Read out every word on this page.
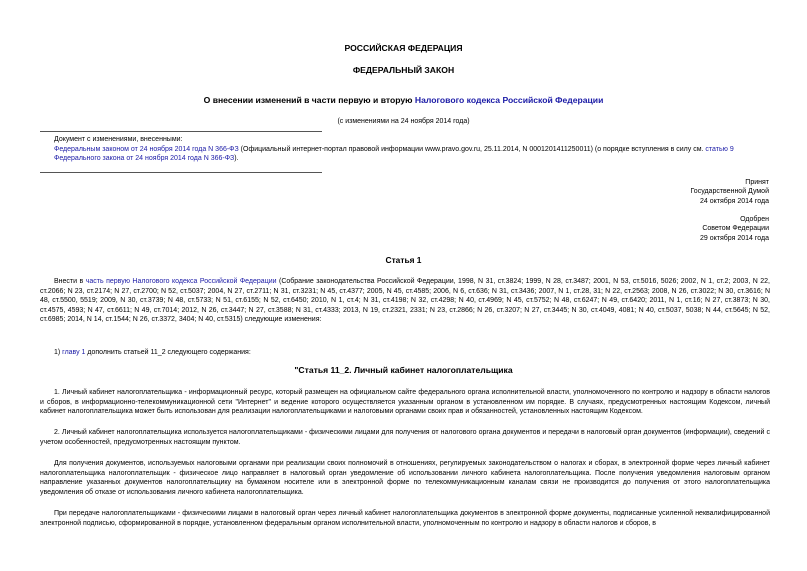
РОССИЙСКАЯ ФЕДЕРАЦИЯ
ФЕДЕРАЛЬНЫЙ ЗАКОН
О внесении изменений в части первую и вторую Налогового кодекса Российской Федерации
(с изменениями на 24 ноября 2014 года)
Документ с изменениями, внесенными:
Федеральным законом от 24 ноября 2014 года N 366-ФЗ (Официальный интернет-портал правовой информации www.pravo.gov.ru, 25.11.2014, N 0001201411250011) (о порядке вступления в силу см. статью 9 Федерального закона от 24 ноября 2014 года N 366-ФЗ).
Принят
Государственной Думой
24 октября 2014 года
Одобрен
Советом Федерации
29 октября 2014 года
Статья 1
Внести в часть первую Налогового кодекса Российской Федерации (Собрание законодательства Российской Федерации, 1998, N 31, ст.3824; 1999, N 28, ст.3487; 2001, N 53, ст.5016, 5026; 2002, N 1, ст.2; 2003, N 22, ст.2066; N 23, ст.2174; N 27, ст.2700; N 52, ст.5037; 2004, N 27, ст.2711; N 31, ст.3231; N 45, ст.4377; 2005, N 45, ст.4585; 2006, N 6, ст.636; N 31, ст.3436; 2007, N 1, ст.28, 31; N 22, ст.2563; 2008, N 26, ст.3022; N 30, ст.3616; N 48, ст.5500, 5519; 2009, N 30, ст.3739; N 48, ст.5733; N 51, ст.6155; N 52, ст.6450; 2010, N 1, ст.4; N 31, ст.4198; N 32, ст.4298; N 40, ст.4969; N 45, ст.5752; N 48, ст.6247; N 49, ст.6420; 2011, N 1, ст.16; N 27, ст.3873; N 30, ст.4575, 4593; N 47, ст.6611; N 49, ст.7014; 2012, N 26, ст.3447; N 27, ст.3588; N 31, ст.4333; 2013, N 19, ст.2321, 2331; N 23, ст.2866; N 26, ст.3207; N 27, ст.3445; N 30, ст.4049, 4081; N 40, ст.5037, 5038; N 44, ст.5645; N 52, ст.6985; 2014, N 14, ст.1544; N 26, ст.3372, 3404; N 40, ст.5315) следующие изменения:
1) главу 1 дополнить статьей 11_2 следующего содержания:
"Статья 11_2. Личный кабинет налогоплательщика
1. Личный кабинет налогоплательщика - информационный ресурс, который размещен на официальном сайте федерального органа исполнительной власти, уполномоченного по контролю и надзору в области налогов и сборов, в информационно-телекоммуникационной сети "Интернет" и ведение которого осуществляется указанным органом в установленном им порядке. В случаях, предусмотренных настоящим Кодексом, личный кабинет налогоплательщика может быть использован для реализации налогоплательщиками и налоговыми органами своих прав и обязанностей, установленных настоящим Кодексом.
2. Личный кабинет налогоплательщика используется налогоплательщиками - физическими лицами для получения от налогового органа документов и передачи в налоговый орган документов (информации), сведений с учетом особенностей, предусмотренных настоящим пунктом.
Для получения документов, используемых налоговыми органами при реализации своих полномочий в отношениях, регулируемых законодательством о налогах и сборах, в электронной форме через личный кабинет налогоплательщика налогоплательщик - физическое лицо направляет в налоговый орган уведомление об использовании личного кабинета налогоплательщика. После получения уведомления налоговым органом направление указанных документов налогоплательщику на бумажном носителе или в электронной форме по телекоммуникационным каналам связи не производится до получения от этого налогоплательщика уведомления об отказе от использования личного кабинета налогоплательщика.
При передаче налогоплательщиками - физическими лицами в налоговый орган через личный кабинет налогоплательщика документов в электронной форме документы, подписанные усиленной неквалифицированной электронной подписью, сформированной в порядке, установленном федеральным органом исполнительной власти, уполномоченным по контролю и надзору в области налогов и сборов, в
